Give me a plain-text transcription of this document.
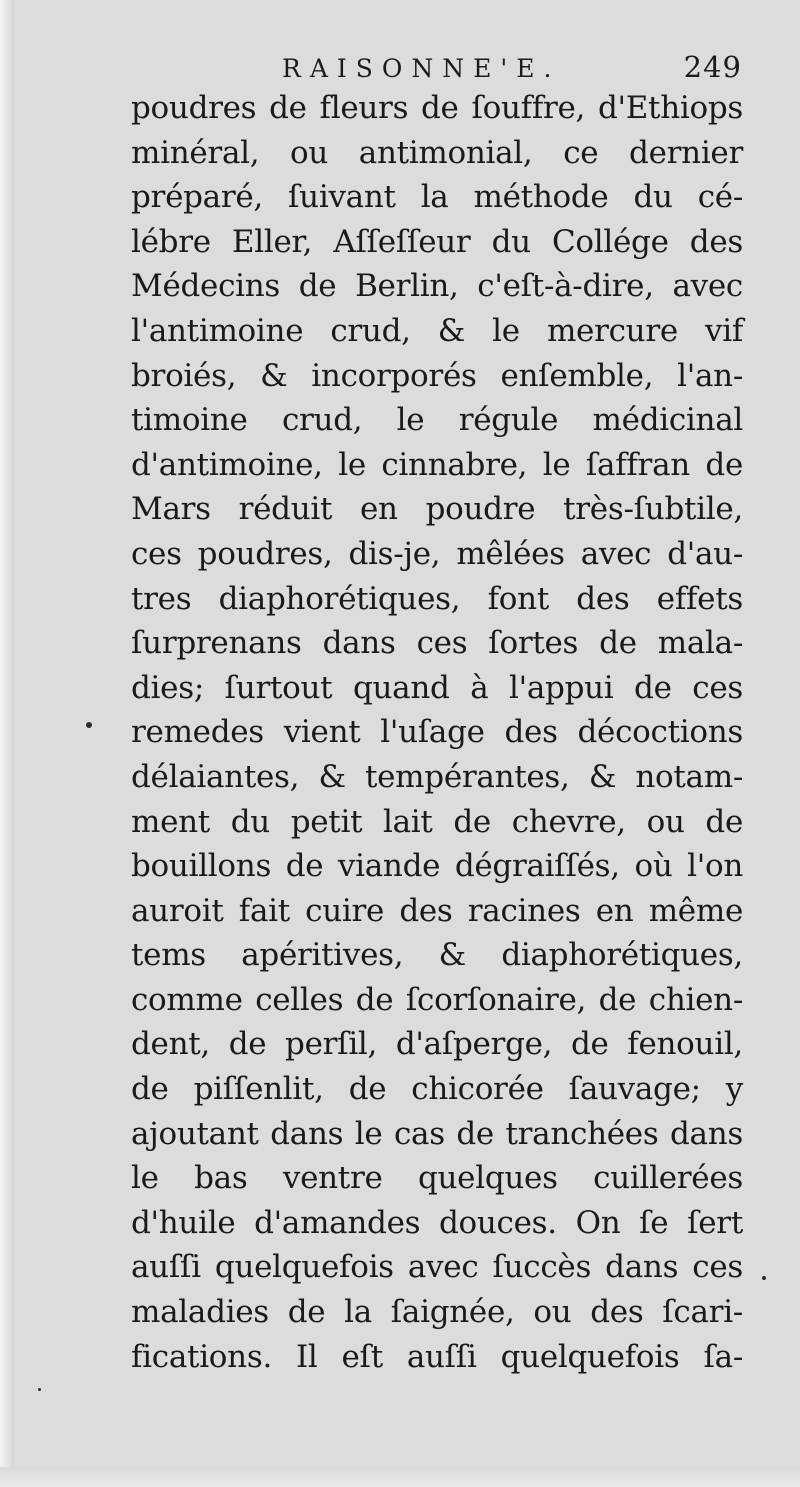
RAISONNE'E.	249
poudres de fleurs de ſouffre, d'Ethiops
minéral, ou antimonial, ce dernier
préparé, ſuivant la méthode du cé-
lébre Eller, Aſſeſſeur du Collége des
Médecins de Berlin, c'eſt-à-dire, avec
l'antimoine crud, & le mercure vif
broiés, & incorporés enſemble, l'an-
timoine crud, le régule médicinal
d'antimoine, le cinnabre, le ſaffran de
Mars réduit en poudre très-ſubtile,
ces poudres, dis-je, mêlées avec d'au-
tres diaphorétiques, font des effets
ſurprenans dans ces ſortes de mala-
dies; ſurtout quand à l'appui de ces
remedes vient l'uſage des décoctions
délaiantes, & tempérantes, & notam-
ment du petit lait de chevre, ou de
bouillons de viande dégraiſſés, où l'on
auroit fait cuire des racines en même
tems apéritives, & diaphorétiques,
comme celles de ſcorſonaire, de chien-
dent, de perſil, d'aſperge, de fenouil,
de piſſenlit, de chicorée ſauvage; y
ajoutant dans le cas de tranchées dans
le bas ventre quelques cuillerées
d'huile d'amandes douces. On ſe ſert
auſſi quelquefois avec ſuccès dans ces
maladies de la ſaignée, ou des ſcari-
fications. Il eſt auſſi quelquefois ſa-
